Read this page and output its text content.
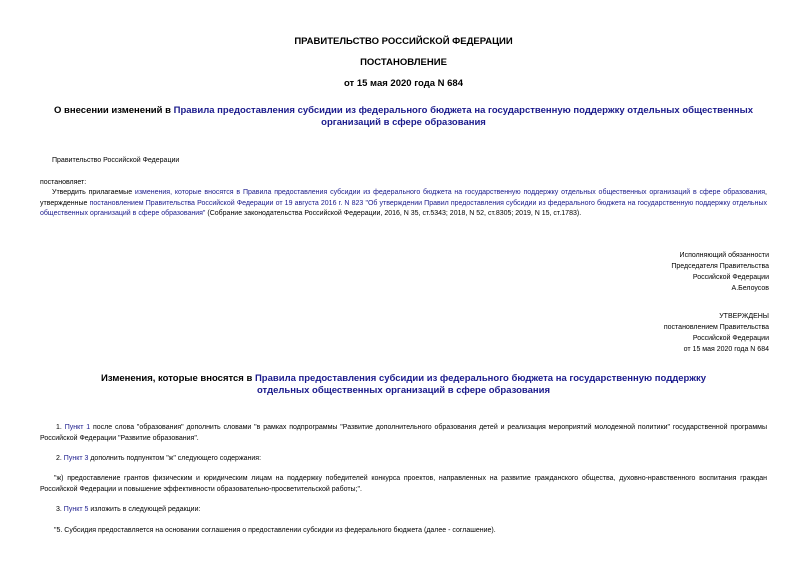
ПРАВИТЕЛЬСТВО РОССИЙСКОЙ ФЕДЕРАЦИИ
ПОСТАНОВЛЕНИЕ
от 15 мая 2020 года N 684
О внесении изменений в Правила предоставления субсидии из федерального бюджета на государственную поддержку отдельных общественных организаций в сфере образования
Правительство Российской Федерации
постановляет:
Утвердить прилагаемые изменения, которые вносятся в Правила предоставления субсидии из федерального бюджета на государственную поддержку отдельных общественных организаций в сфере образования, утвержденные постановлением Правительства Российской Федерации от 19 августа 2016 г. N 823 "Об утверждении Правил предоставления субсидии из федерального бюджета на государственную поддержку отдельных общественных организаций в сфере образования" (Собрание законодательства Российской Федерации, 2016, N 35, ст.5343; 2018, N 52, ст.8305; 2019, N 15, ст.1783).
Исполняющий обязанности
Председателя Правительства
Российской Федерации
А.Белоусов
УТВЕРЖДЕНЫ
постановлением Правительства
Российской Федерации
от 15 мая 2020 года N 684
Изменения, которые вносятся в Правила предоставления субсидии из федерального бюджета на государственную поддержку отдельных общественных организаций в сфере образования
1. Пункт 1 после слова "образования" дополнить словами "в рамках подпрограммы "Развитие дополнительного образования детей и реализация мероприятий молодежной политики" государственной программы Российской Федерации "Развитие образования".
2. Пункт 3 дополнить подпунктом "ж" следующего содержания:
"ж) предоставление грантов физическим и юридическим лицам на поддержку победителей конкурса проектов, направленных на развитие гражданского общества, духовно-нравственного воспитания граждан Российской Федерации и повышение эффективности образовательно-просветительской работы;".
3. Пункт 5 изложить в следующей редакции:
"5. Субсидия предоставляется на основании соглашения о предоставлении субсидии из федерального бюджета (далее - соглашение).
